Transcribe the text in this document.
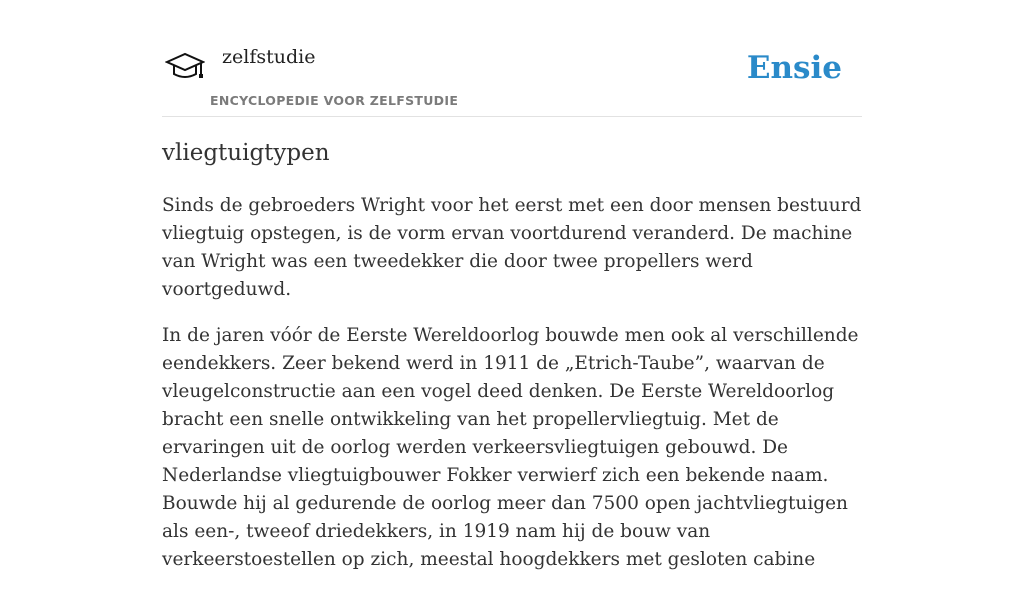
zelfstudie
ENCYCLOPEDIE VOOR ZELFSTUDIE
Ensie
vliegtuigtypen

Sinds de gebroeders Wright voor het eerst met een door mensen bestuurd vliegtuig opstegen, is de vorm ervan voortdurend veranderd. De machine van Wright was een tweedekker die door twee propellers werd voortgeduwd.

In de jaren vóór de Eerste Wereldoorlog bouwde men ook al verschillende eendekkers. Zeer bekend werd in 1911 de „Etrich-Taube”, waarvan de vleugelconstructie aan een vogel deed denken. De Eerste Wereldoorlog bracht een snelle ontwikkeling van het propellervliegtuig. Met de ervaringen uit de oorlog werden verkeersvliegtuigen gebouwd. De Nederlandse vliegtuigbouwer Fokker verwierf zich een bekende naam. Bouwde hij al gedurende de oorlog meer dan 7500 open jachtvliegtuigen als een-, tweeof driedekkers, in 1919 nam hij de bouw van verkeerstoestellen op zich, meestal hoogdekkers met gesloten cabine
